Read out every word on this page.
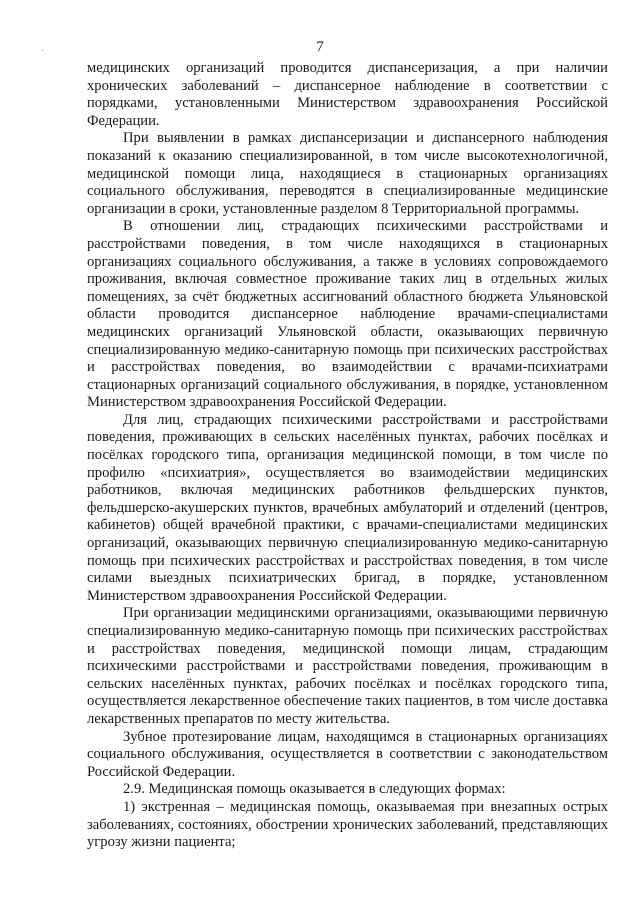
7

медицинских организаций проводится диспансеризация, а при наличии хронических заболеваний – диспансерное наблюдение в соответствии с порядками, установленными Министерством здравоохранения Российской Федерации.

При выявлении в рамках диспансеризации и диспансерного наблюдения показаний к оказанию специализированной, в том числе высокотехнологичной, медицинской помощи лица, находящиеся в стационарных организациях социального обслуживания, переводятся в специализированные медицинские организации в сроки, установленные разделом 8 Территориальной программы.

В отношении лиц, страдающих психическими расстройствами и расстройствами поведения, в том числе находящихся в стационарных организациях социального обслуживания, а также в условиях сопровождаемого проживания, включая совместное проживание таких лиц в отдельных жилых помещениях, за счёт бюджетных ассигнований областного бюджета Ульяновской области проводится диспансерное наблюдение врачами-специалистами медицинских организаций Ульяновской области, оказывающих первичную специализированную медико-санитарную помощь при психических расстройствах и расстройствах поведения, во взаимодействии с врачами-психиатрами стационарных организаций социального обслуживания, в порядке, установленном Министерством здравоохранения Российской Федерации.

Для лиц, страдающих психическими расстройствами и расстройствами поведения, проживающих в сельских населённых пунктах, рабочих посёлках и посёлках городского типа, организация медицинской помощи, в том числе по профилю «психиатрия», осуществляется во взаимодействии медицинских работников, включая медицинских работников фельдшерских пунктов, фельдшерско-акушерских пунктов, врачебных амбулаторий и отделений (центров, кабинетов) общей врачебной практики, с врачами-специалистами медицинских организаций, оказывающих первичную специализированную медико-санитарную помощь при психических расстройствах и расстройствах поведения, в том числе силами выездных психиатрических бригад, в порядке, установленном Министерством здравоохранения Российской Федерации.

При организации медицинскими организациями, оказывающими первичную специализированную медико-санитарную помощь при психических расстройствах и расстройствах поведения, медицинской помощи лицам, страдающим психическими расстройствами и расстройствами поведения, проживающим в сельских населённых пунктах, рабочих посёлках и посёлках городского типа, осуществляется лекарственное обеспечение таких пациентов, в том числе доставка лекарственных препаратов по месту жительства.

Зубное протезирование лицам, находящимся в стационарных организациях социального обслуживания, осуществляется в соответствии с законодательством Российской Федерации.

2.9. Медицинская помощь оказывается в следующих формах:

1) экстренная – медицинская помощь, оказываемая при внезапных острых заболеваниях, состояниях, обострении хронических заболеваний, представляющих угрозу жизни пациента;
